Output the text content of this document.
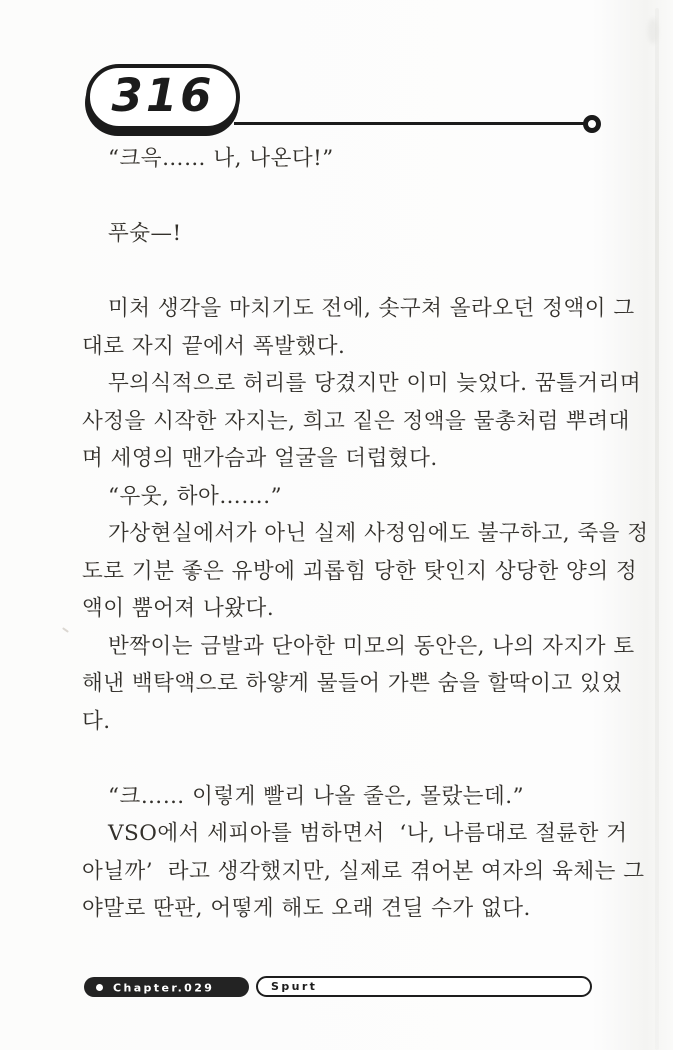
316
“크윽…… 나, 나온다!”
푸슛—!
미처 생각을 마치기도 전에, 솟구쳐 올라오던 정액이 그
대로 자지 끝에서 폭발했다.
무의식적으로 허리를 당겼지만 이미 늦었다. 꿈틀거리며
사정을 시작한 자지는, 희고 짙은 정액을 물총처럼 뿌려대
며 세영의 맨가슴과 얼굴을 더럽혔다.
“우웃, 하아…….”
가상현실에서가 아닌 실제 사정임에도 불구하고, 죽을 정
도로 기분 좋은 유방에 괴롭힘 당한 탓인지 상당한 양의 정
액이 뿜어져 나왔다.
반짝이는 금발과 단아한 미모의 동안은, 나의 자지가 토
해낸 백탁액으로 하얗게 물들어 가쁜 숨을 할딱이고 있었
다.
“크…… 이렇게 빨리 나올 줄은, 몰랐는데.”
VSO에서 세피아를 범하면서  ‘나, 나름대로 절륜한 거
아닐까’  라고 생각했지만, 실제로 겪어본 여자의 육체는 그
야말로 딴판, 어떻게 해도 오래 견딜 수가 없다.
Chapter.029	Spurt
